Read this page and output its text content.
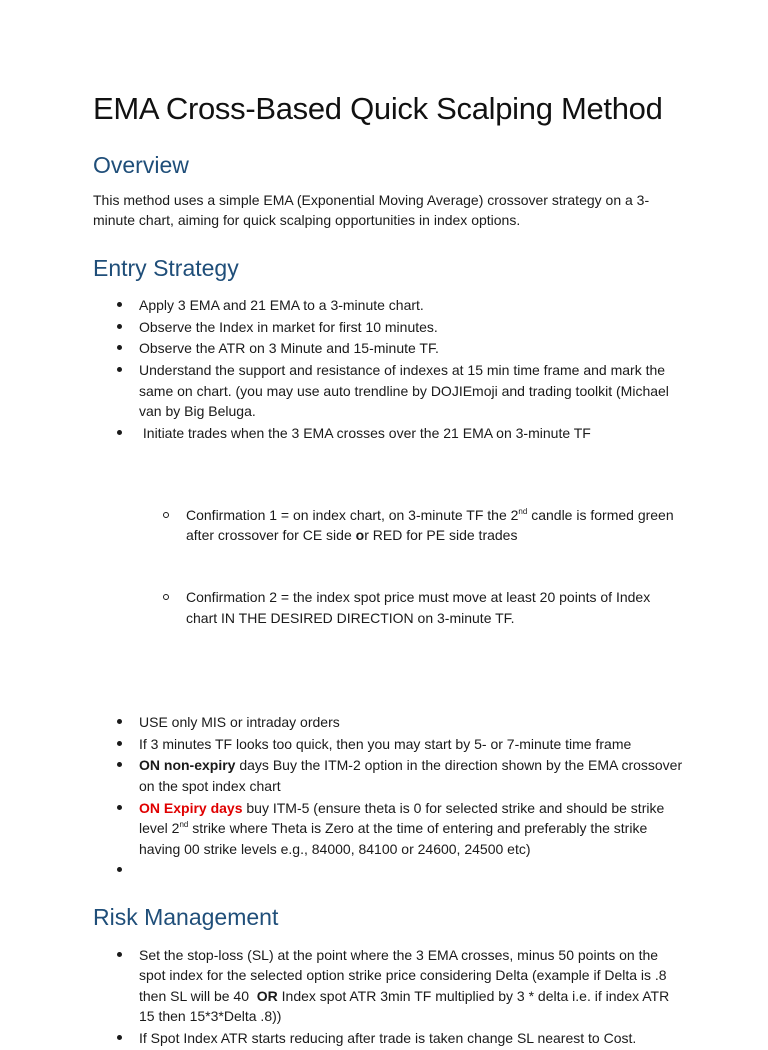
EMA Cross-Based Quick Scalping Method
Overview

This method uses a simple EMA (Exponential Moving Average) crossover strategy on a 3-minute chart, aiming for quick scalping opportunities in index options.

Entry Strategy
Apply 3 EMA and 21 EMA to a 3-minute chart.
Observe the Index in market for first 10 minutes.
Observe the ATR on 3 Minute and 15-minute TF.
Understand the support and resistance of indexes at 15 min time frame and mark the same on chart. (you may use auto trendline by DOJIEmoji and trading toolkit (Michael van by Big Beluga.
Initiate trades when the 3 EMA crosses over the 21 EMA on 3-minute TF

Confirmation 1 = on index chart, on 3-minute TF the 2nd candle is formed green after crossover for CE side or RED for PE side trades

Confirmation 2 = the index spot price must move at least 20 points of Index chart IN THE DESIRED DIRECTION on 3-minute TF.

USE only MIS or intraday orders
If 3 minutes TF looks too quick, then you may start by 5- or 7-minute time frame
ON non-expiry days Buy the ITM-2 option in the direction shown by the EMA crossover on the spot index chart
ON Expiry days buy ITM-5 (ensure theta is 0 for selected strike and should be strike level 2nd strike where Theta is Zero at the time of entering and preferably the strike having 00 strike levels e.g., 84000, 84100 or 24600, 24500 etc)
Risk Management
Set the stop-loss (SL) at the point where the 3 EMA crosses, minus 50 points on the spot index for the selected option strike price considering Delta (example if Delta is .8 then SL will be 40  OR Index spot ATR 3min TF multiplied by 3 * delta i.e. if index ATR 15 then 15*3*Delta .8))
If Spot Index ATR starts reducing after trade is taken change SL nearest to Cost.
